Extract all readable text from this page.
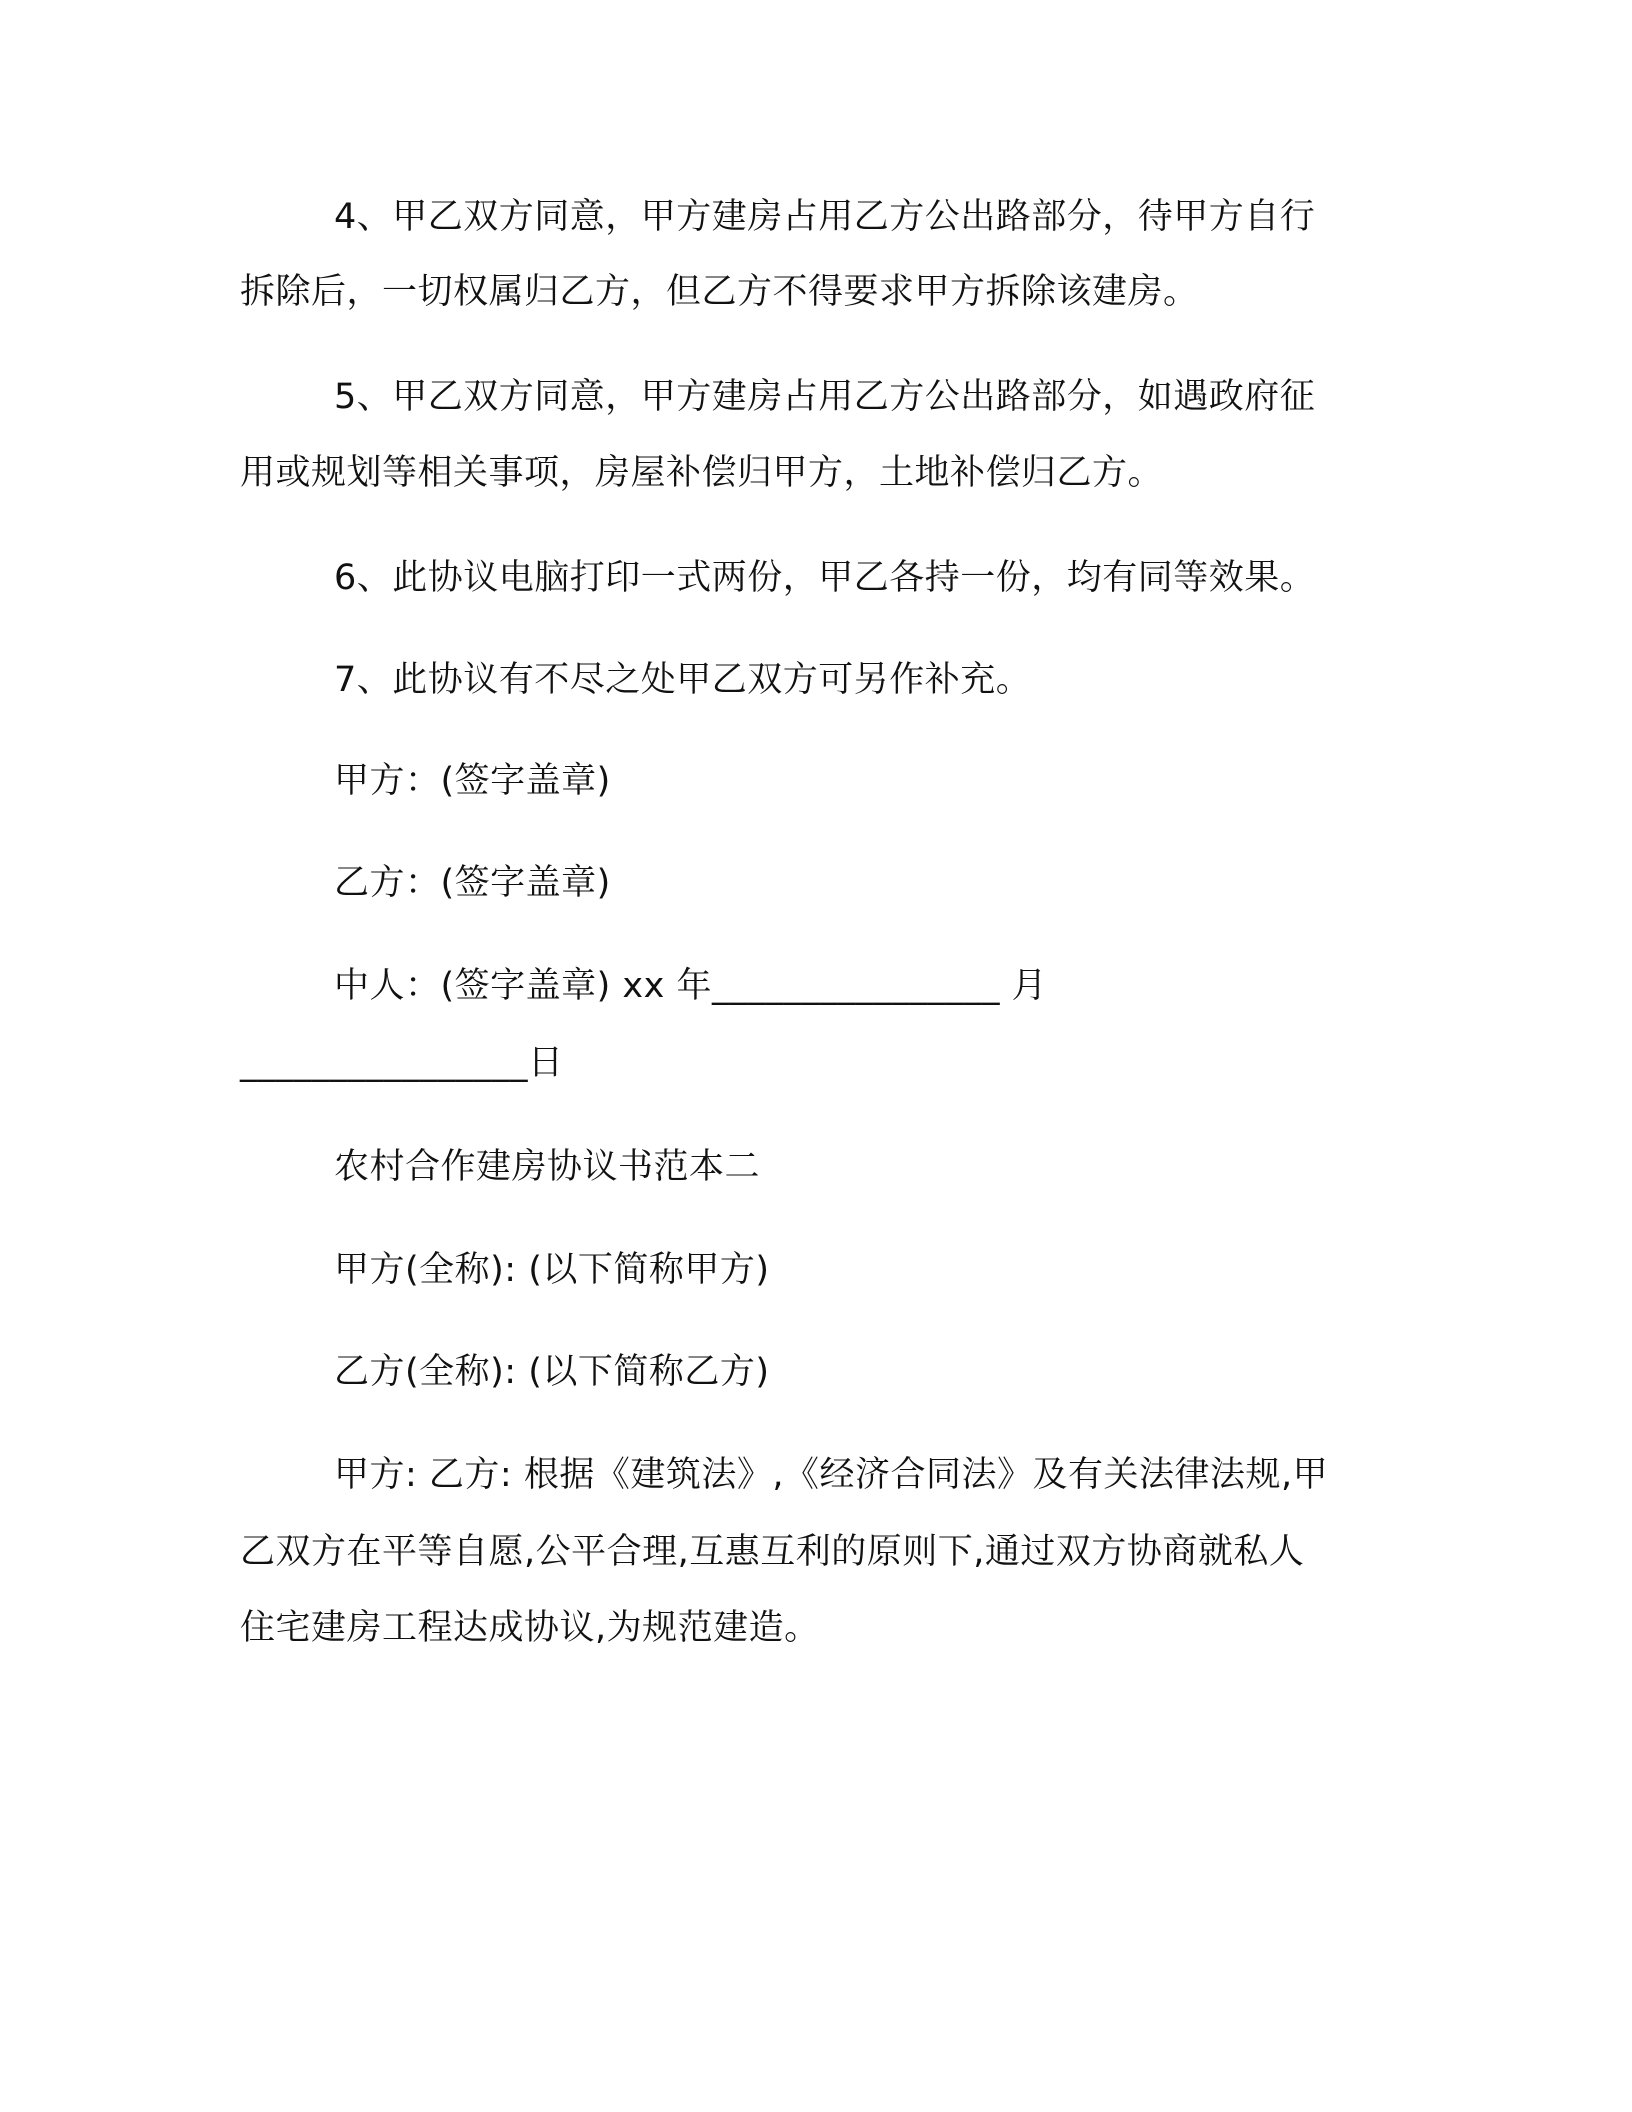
4、甲乙双方同意，甲方建房占用乙方公出路部分，待甲方自行
拆除后，一切权属归乙方，但乙方不得要求甲方拆除该建房。
5、甲乙双方同意，甲方建房占用乙方公出路部分，如遇政府征
用或规划等相关事项，房屋补偿归甲方，土地补偿归乙方。
6、此协议电脑打印一式两份，甲乙各持一份，均有同等效果。
7、此协议有不尽之处甲乙双方可另作补充。
甲方：(签字盖章)
乙方：(签字盖章)
中人：(签字盖章) xx 年________________ 月
________________日
农村合作建房协议书范本二
甲方(全称): (以下简称甲方)
乙方(全称): (以下简称乙方)
甲方: 乙方: 根据《建筑法》,《经济合同法》及有关法律法规,甲
乙双方在平等自愿,公平合理,互惠互利的原则下,通过双方协商就私人
住宅建房工程达成协议,为规范建造。
